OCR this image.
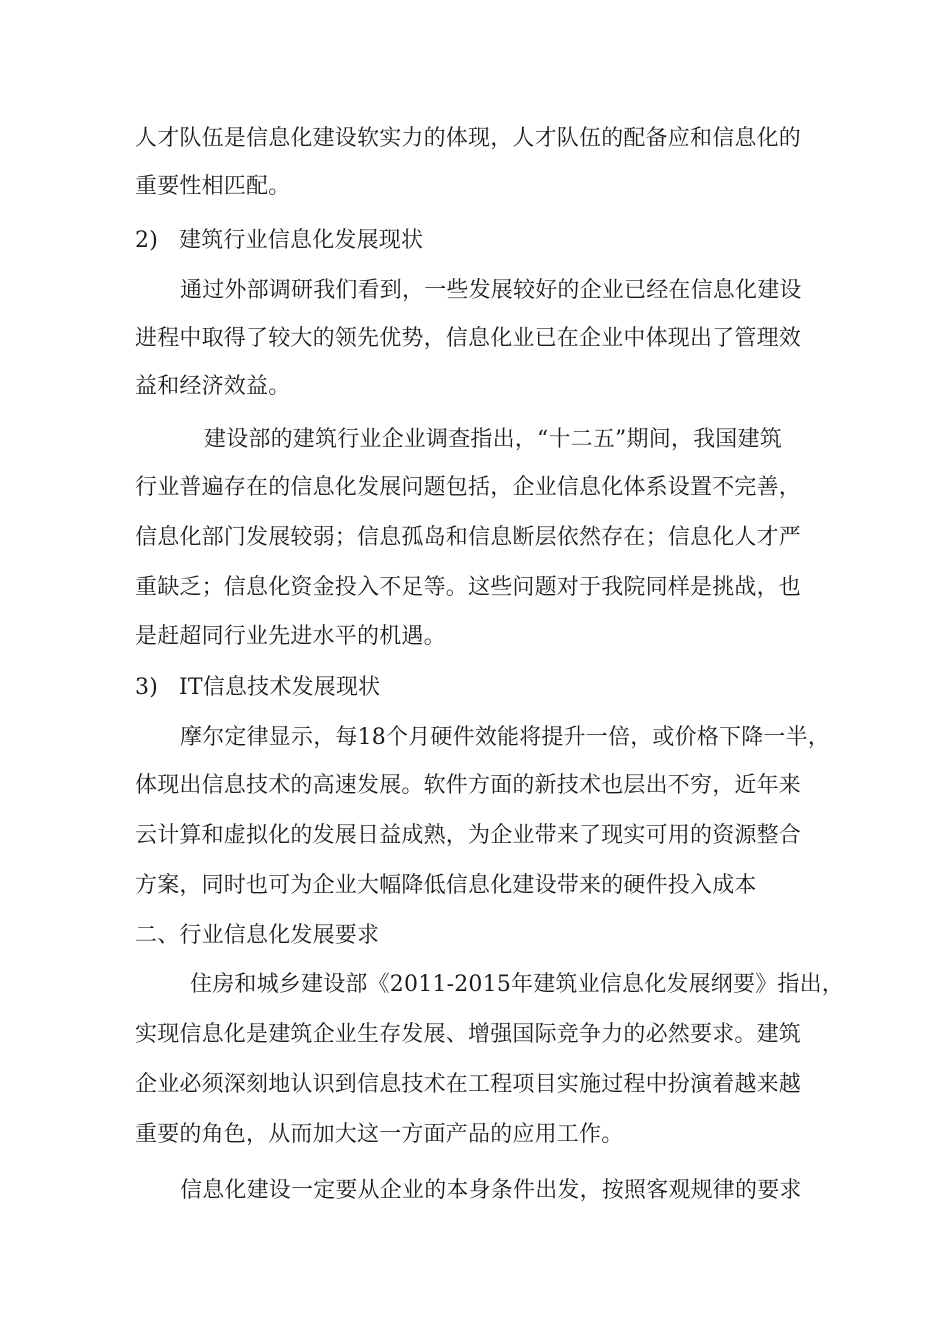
人才队伍是信息化建设软实力的体现，人才队伍的配备应和信息化的
重要性相匹配。
2) 建筑行业信息化发展现状
通过外部调研我们看到，一些发展较好的企业已经在信息化建设
进程中取得了较大的领先优势，信息化业已在企业中体现出了管理效
益和经济效益。
建设部的建筑行业企业调查指出，“十二五”期间，我国建筑
行业普遍存在的信息化发展问题包括，企业信息化体系设置不完善，
信息化部门发展较弱；信息孤岛和信息断层依然存在；信息化人才严
重缺乏；信息化资金投入不足等。这些问题对于我院同样是挑战，也
是赶超同行业先进水平的机遇。
3) IT信息技术发展现状
摩尔定律显示，每18个月硬件效能将提升一倍，或价格下降一半，
体现出信息技术的高速发展。软件方面的新技术也层出不穷，近年来
云计算和虚拟化的发展日益成熟，为企业带来了现实可用的资源整合
方案，同时也可为企业大幅降低信息化建设带来的硬件投入成本
二、行业信息化发展要求
住房和城乡建设部《2011-2015年建筑业信息化发展纲要》指出，
实现信息化是建筑企业生存发展、增强国际竞争力的必然要求。建筑
企业必须深刻地认识到信息技术在工程项目实施过程中扮演着越来越
重要的角色，从而加大这一方面产品的应用工作。
信息化建设一定要从企业的本身条件出发，按照客观规律的要求
